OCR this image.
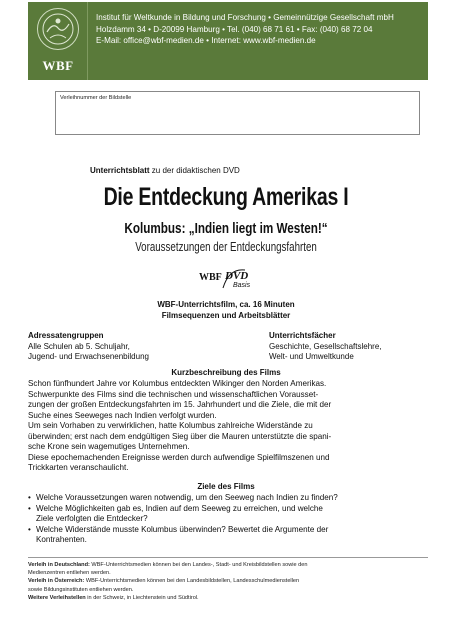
WBF
Institut für Weltkunde in Bildung und Forschung • Gemeinnützige Gesellschaft mbH
Holzdamm 34 • D-20099 Hamburg • Tel. (040) 68 71 61 • Fax: (040) 68 72 04
E-Mail: office@wbf-medien.de • Internet: www.wbf-medien.de
Verleihnummer der Bildstelle
Unterrichtsblatt zu der didaktischen DVD
Die Entdeckung Amerikas I
Kolumbus: „Indien liegt im Westen!“
Voraussetzungen der Entdeckungsfahrten
WBF DVD
Basis
WBF-Unterrichtsfilm, ca. 16 Minuten
Filmsequenzen und Arbeitsblätter
Adressatengruppen
Alle Schulen ab 5. Schuljahr,
Jugend- und Erwachsenenbildung
Unterrichtsfächer
Geschichte, Gesellschaftslehre,
Welt- und Umweltkunde
Kurzbeschreibung des Films
Schon fünfhundert Jahre vor Kolumbus entdeckten Wikinger den Norden Amerikas.
Schwerpunkte des Films sind die technischen und wissenschaftlichen Vorausset-
zungen der großen Entdeckungsfahrten im 15. Jahrhundert und die Ziele, die mit der
Suche eines Seeweges nach Indien verfolgt wurden.
Um sein Vorhaben zu verwirklichen, hatte Kolumbus zahlreiche Widerstände zu
überwinden; erst nach dem endgültigen Sieg über die Mauren unterstützte die spani-
sche Krone sein wagemutiges Unternehmen.
Diese epochemachenden Ereignisse werden durch aufwendige Spielfilmszenen und
Trickkarten veranschaulicht.
Ziele des Films
• Welche Voraussetzungen waren notwendig, um den Seeweg nach Indien zu finden?
• Welche Möglichkeiten gab es, Indien auf dem Seeweg zu erreichen, und welche
Ziele verfolgten die Entdecker?
• Welche Widerstände musste Kolumbus überwinden? Bewertet die Argumente der
Kontrahenten.
Verleih in Deutschland: WBF-Unterrichtsmedien können bei den Landes-, Stadt- und Kreisbildstellen sowie den
Medienzentren entliehen werden.
Verleih in Österreich: WBF-Unterrichtsmedien können bei den Landesbildstellen, Landesschulmedienstellen
sowie Bildungsinstituten entliehen werden.
Weitere Verleihstellen in der Schweiz, in Liechtenstein und Südtirol.
